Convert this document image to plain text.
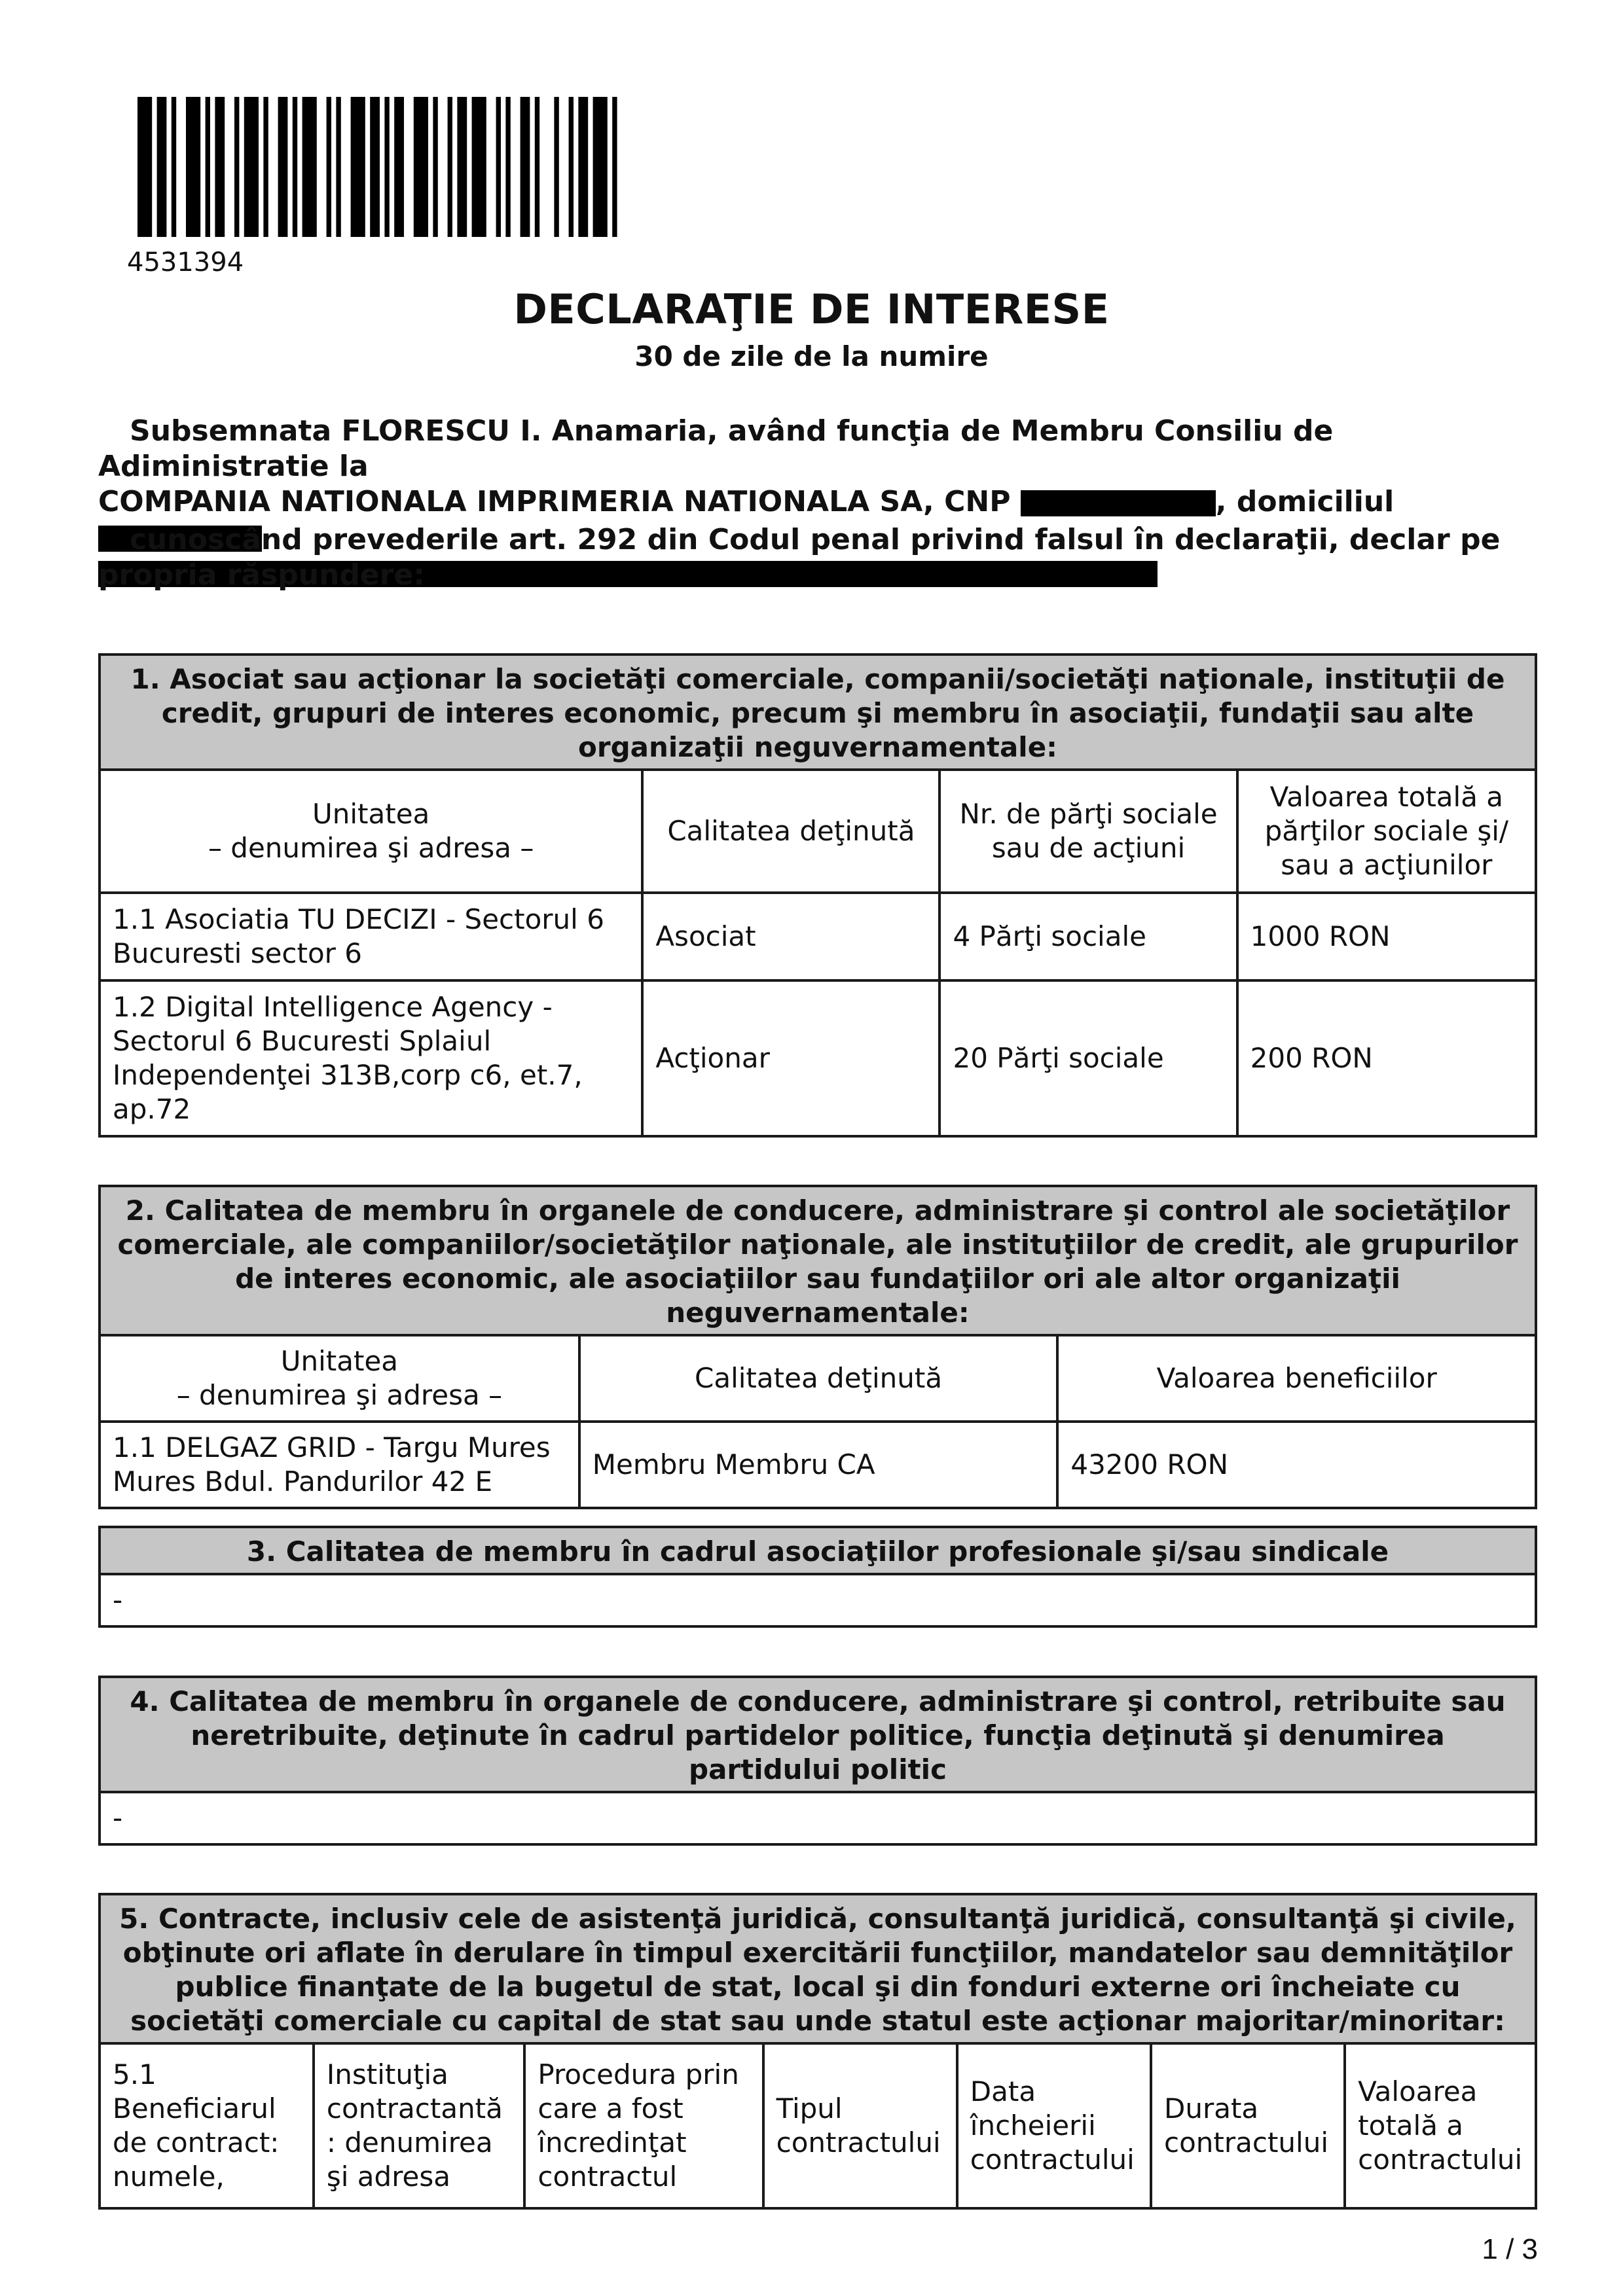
4531394
DECLARAŢIE DE INTERESE
30 de zile de la numire
Subsemnata FLORESCU I. Anamaria, având funcţia de Membru Consiliu de Adiministratie la
COMPANIA NATIONALA IMPRIMERIA NATIONALA SA, CNP	, domiciliul
cunoscând prevederile art. 292 din Codul penal privind falsul în declaraţii, declar pe propria răspundere:
1. Asociat sau acţionar la societăţi comerciale, companii/societăţi naţionale, instituţii de credit, grupuri de interes economic, precum şi membru în asociaţii, fundaţii sau alte organizaţii neguvernamentale:			

Unitatea
– denumirea şi adresa –	Calitatea deţinută	Nr. de părţi sociale sau de acţiuni	Valoarea totală a părţilor sociale şi/ sau a acţiunilor
1.1 Asociatia TU DECIZI - Sectorul 6 Bucuresti sector 6	Asociat	4 Părţi sociale	1000 RON
1.2 Digital Intelligence Agency - Sectorul 6 Bucuresti Splaiul Independenţei 313B,corp c6, et.7, ap.72	Acţionar	20 Părţi sociale	200 RON
2. Calitatea de membru în organele de conducere, administrare şi control ale societăţilor comerciale, ale companiilor/societăţilor naţionale, ale instituţiilor de credit, ale grupurilor de interes economic, ale asociaţiilor sau fundaţiilor ori ale altor organizaţii neguvernamentale:		

Unitatea
– denumirea şi adresa –	Calitatea deţinută	Valoarea beneficiilor
1.1 DELGAZ GRID - Targu Mures Mures Bdul. Pandurilor 42 E	Membru Membru CA	43200 RON
3. Calitatea de membru în cadrul asociaţiilor profesionale şi/sau sindicale
-
4. Calitatea de membru în organele de conducere, administrare şi control, retribuite sau neretribuite, deţinute în cadrul partidelor politice, funcţia deţinută şi denumirea partidului politic
-
5. Contracte, inclusiv cele de asistenţă juridică, consultanţă juridică, consultanţă şi civile, obţinute ori aflate în derulare în timpul exercitării funcţiilor, mandatelor sau demnităţilor publice finanţate de la bugetul de stat, local şi din fonduri externe ori încheiate cu societăţi comerciale cu capital de stat sau unde statul este acţionar majoritar/minoritar:
5.1 Beneficiarul de contract: numele,	Instituţia contractantă: denumirea şi adresa	Procedura prin care a fost încredinţat contractul	Tipul contractului	Data încheierii contractului	Durata contractului	Valoarea totală a contractului
1 / 3
